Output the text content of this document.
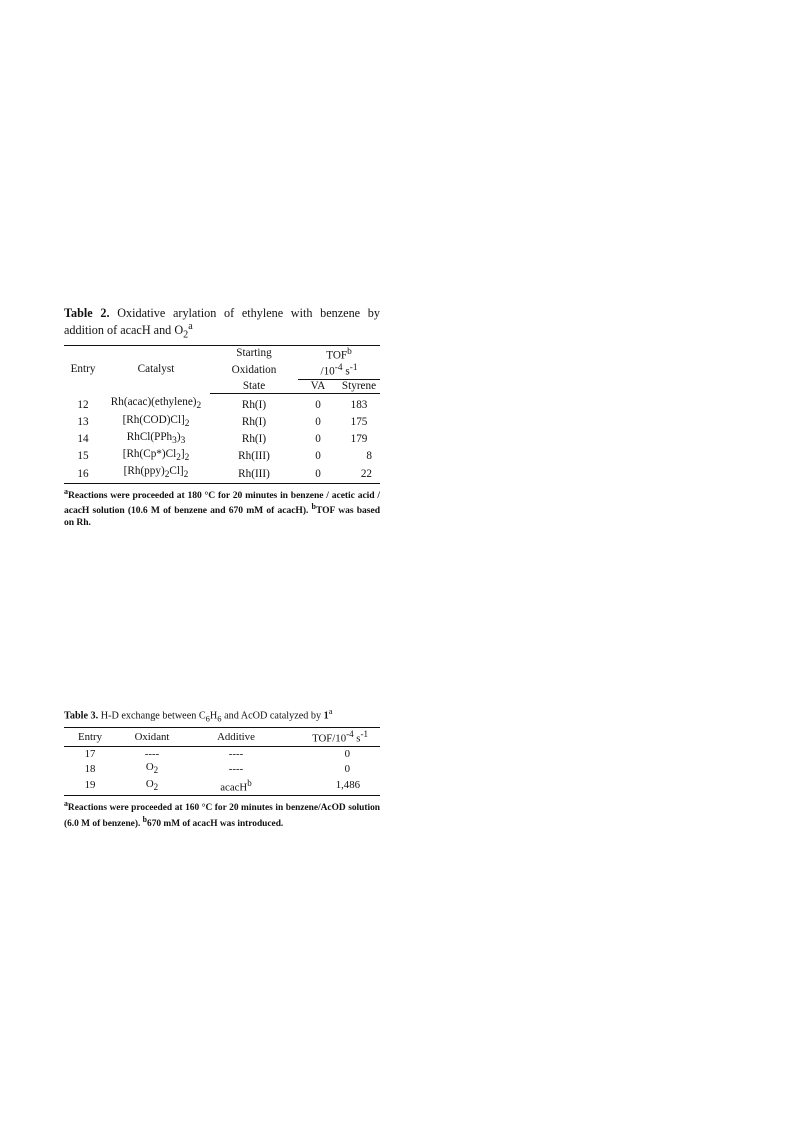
Table 2. Oxidative arylation of ethylene with benzene by addition of acacH and $O_2^a$
Entry	Catalyst	Starting	TOF$^b$
		Oxidation	$/10^{-4}$ $s^{-1}$
		State	VA	Styrene
12	$Rh(acac)(ethylene)_2$	Rh(I)	0	183
13	$[Rh(COD)Cl]_2$	Rh(I)	0	175
14	$RhCl(PPh_3)_3$	Rh(I)	0	179
15	$[Rh(Cp*)Cl_2]_2$	Rh(III)	0	8
16	$[Rh(ppy)_2Cl]_2$	Rh(III)	0	22
$^a$Reactions were proceeded at 180 °C for 20 minutes in benzene / acetic acid / acacH solution (10.6 M of benzene and 670 mM of acacH). $^b$TOF was based on Rh.
Table 3. H-D exchange between $C_6H_6$ and AcOD catalyzed by 1$^a$
Entry	Oxidant	Additive	TOF/$10^{-4}$ $s^{-1}$
17	----	----	0
18	$O_2$	----	0
19	$O_2$	acacH$^b$	1,486
$^a$Reactions were proceeded at 160 °C for 20 minutes in benzene/AcOD solution (6.0 M of benzene). $^b$670 mM of acacH was introduced.
